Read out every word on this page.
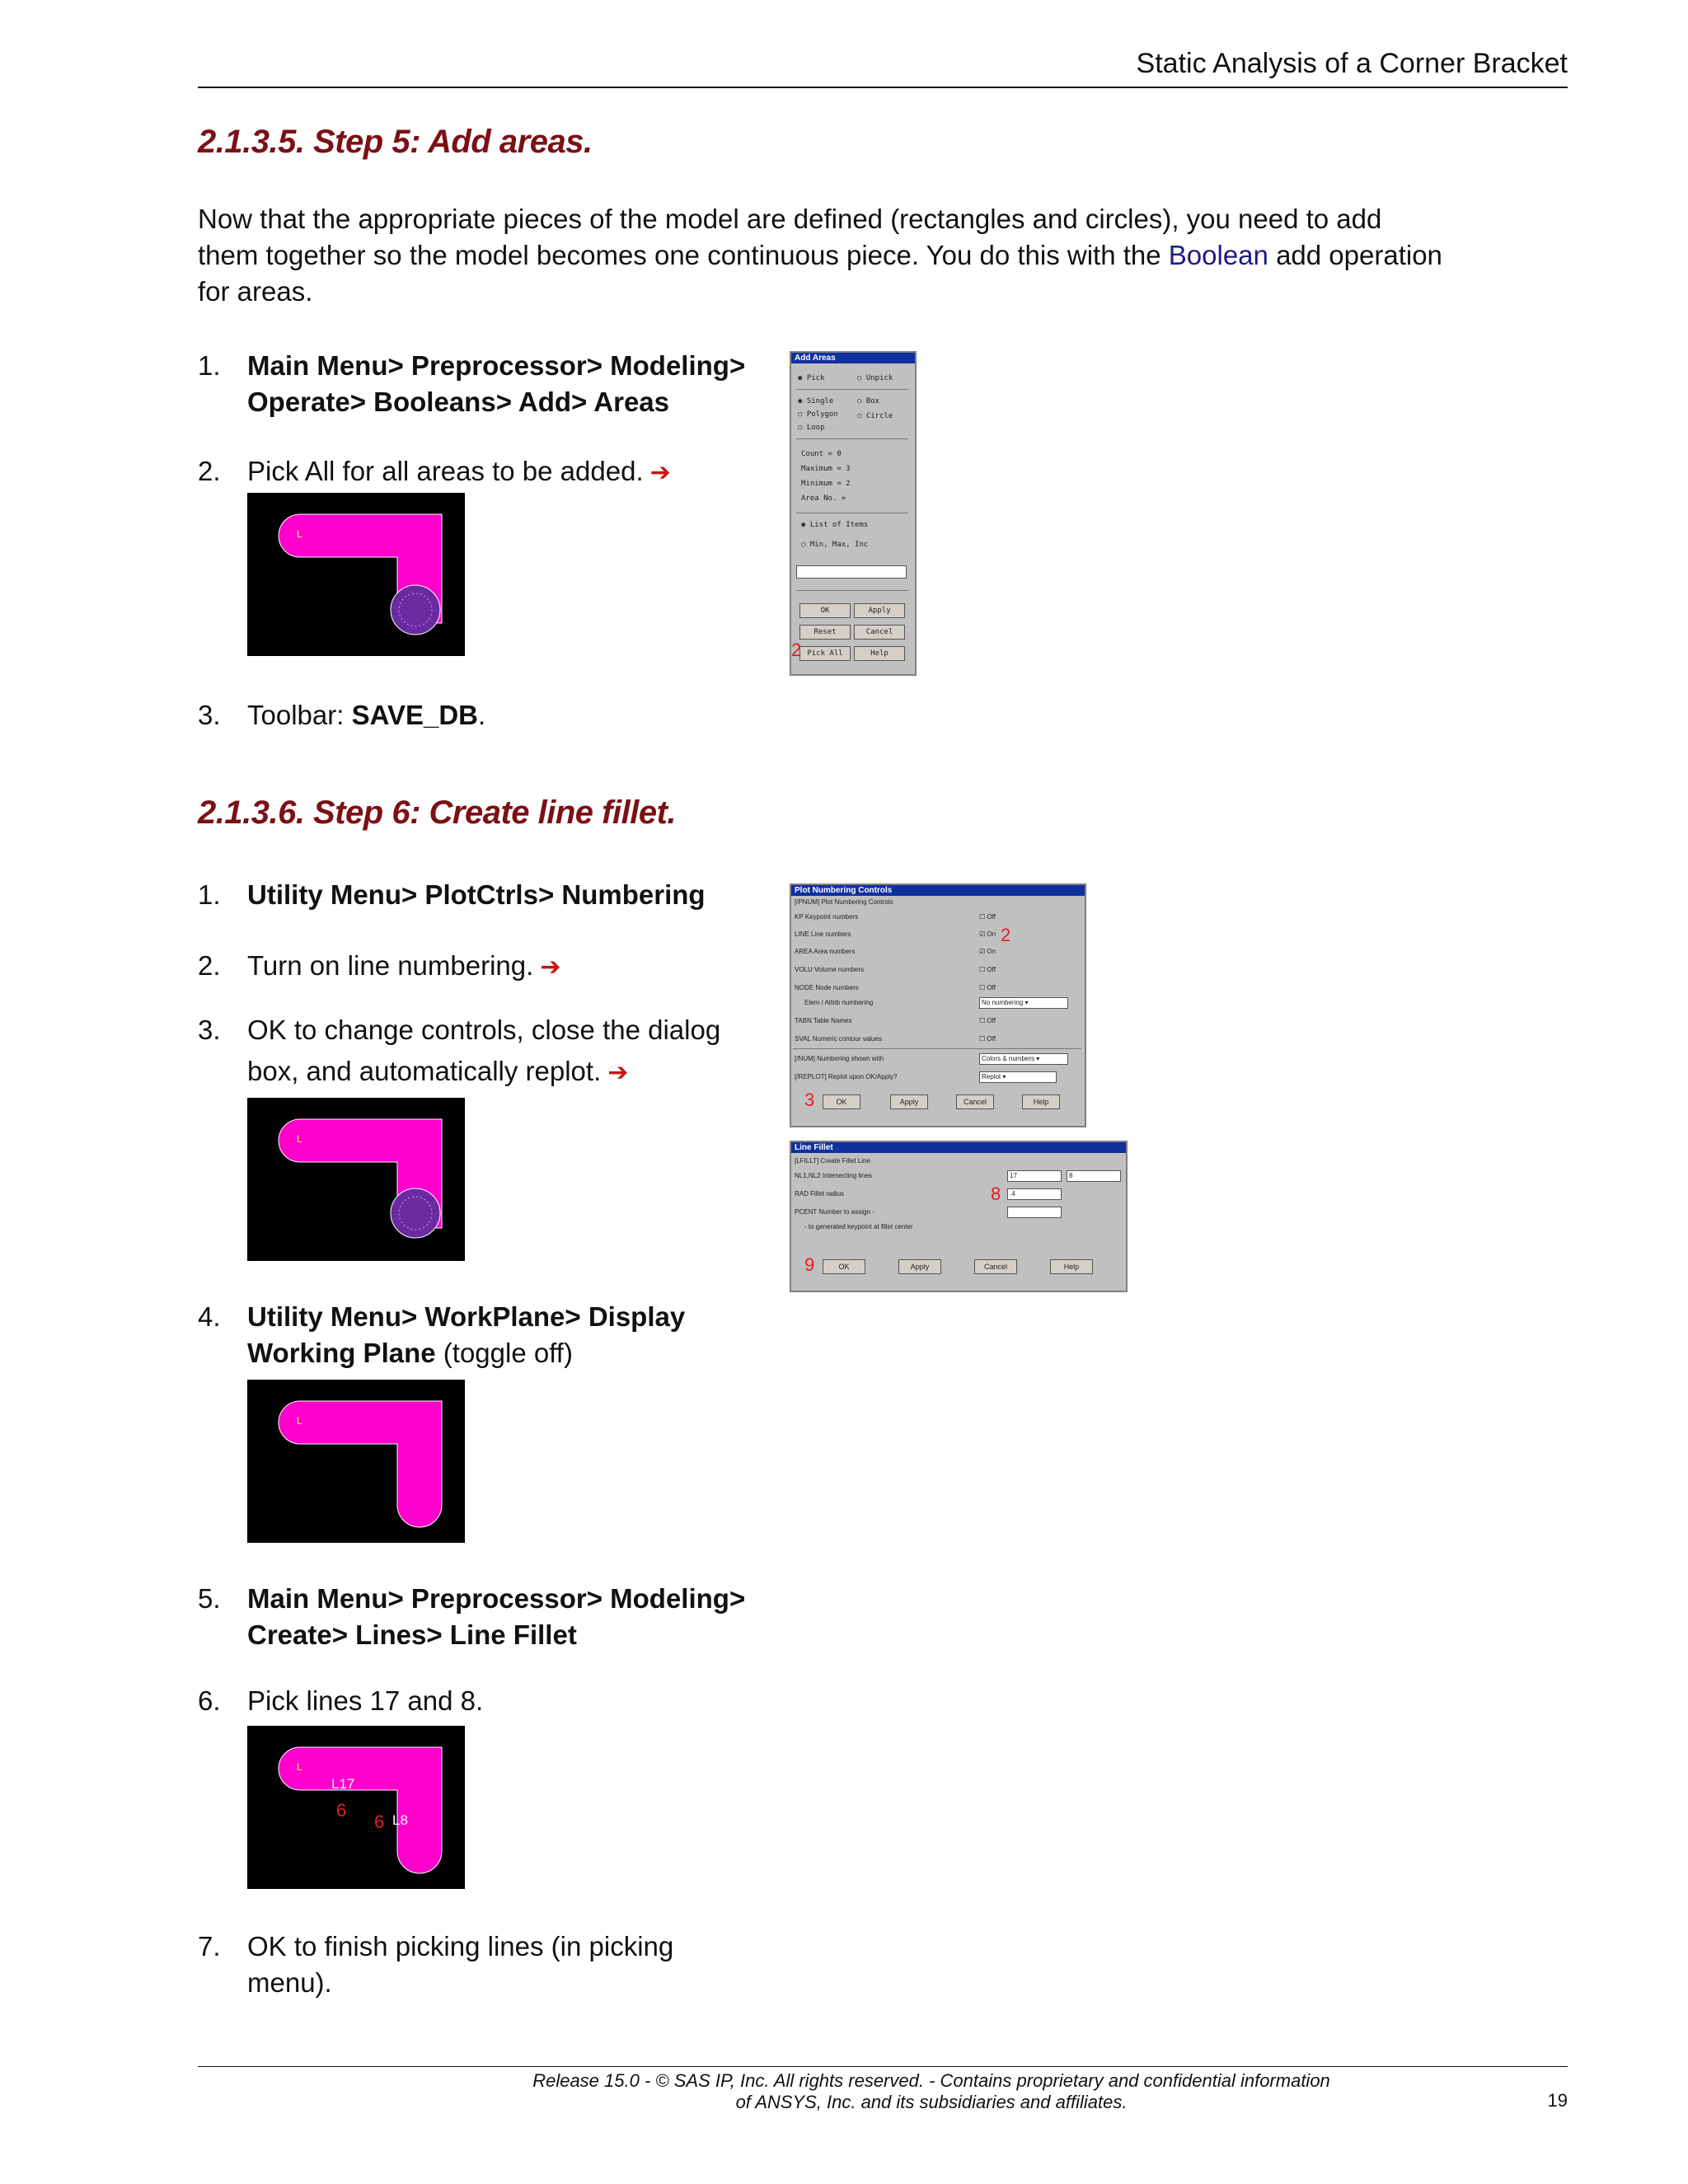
Static Analysis of a Corner Bracket
2.1.3.5. Step 5: Add areas.
Now that the appropriate pieces of the model are defined (rectangles and circles), you need to add
them together so the model becomes one continuous piece. You do this with the Boolean add operation
for areas.
1. Main Menu> Preprocessor> Modeling>
Operate> Booleans> Add> Areas
2. Pick All for all areas to be added. ➔
L
Add Areas
◉ Pick	○ Unpick
◉ Single	○ Box
○ Polygon	○ Circle
○ Loop
Count = 0
Maximum = 3
Minimum = 2
Area No. =
◉ List of Items
○ Min, Max, Inc
OK	Apply
Reset	Cancel
Pick All	Help
2
3. Toolbar: SAVE_DB.
2.1.3.6. Step 6: Create line fillet.
1. Utility Menu> PlotCtrls> Numbering
2. Turn on line numbering. ➔
3. OK to change controls, close the dialog
box, and automatically replot. ➔
L
Plot Numbering Controls
[/PNUM] Plot Numbering Controls
KP Keypoint numbers	☐ Off
LINE Line numbers	☑ On
AREA Area numbers	☑ On
VOLU Volume numbers	☐ Off
NODE Node numbers	☐ Off
Elem / Attrib numbering	No numbering ▾
TABN Table Names	☐ Off
SVAL Numeric contour values	☐ Off
[/NUM] Numbering shown with	Colors & numbers ▾
[/REPLOT] Replot upon OK/Apply?	Replot ▾
OK	Apply	Cancel	Help
2
3
Line Fillet
[LFILLT] Create Fillet Line
NL1,NL2 Intersecting lines	17	8
RAD Fillet radius	.4
PCENT Number to assign -
- to generated keypoint at fillet center
OK	Apply	Cancel	Help
8
9
4. Utility Menu> WorkPlane> Display
Working Plane (toggle off)
L
5. Main Menu> Preprocessor> Modeling>
Create> Lines> Line Fillet
6. Pick lines 17 and 8.
L
L17
6
6 L8
7. OK to finish picking lines (in picking
menu).
Release 15.0 - © SAS IP, Inc. All rights reserved. - Contains proprietary and confidential information
of ANSYS, Inc. and its subsidiaries and affiliates.	19
